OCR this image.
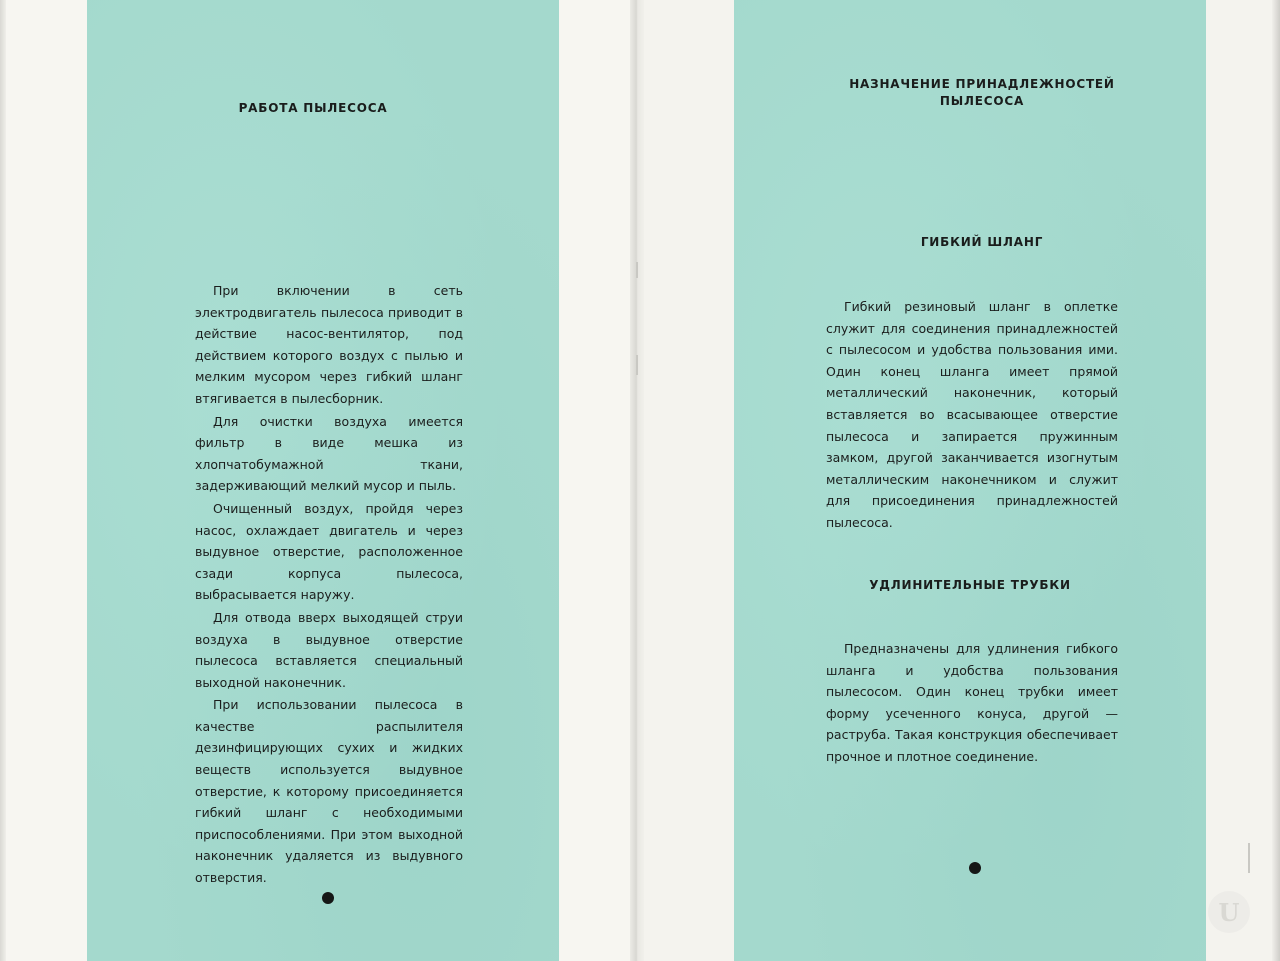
РАБОТА ПЫЛЕСОСА

При включении в сеть электродвигатель пылесоса приводит в действие насос-вентилятор, под действием которого воздух с пылью и мелким мусором через гибкий шланг втягивается в пылесборник.

Для очистки воздуха имеется фильтр в виде мешка из хлопчатобумажной ткани, задерживающий мелкий мусор и пыль.

Очищенный воздух, пройдя через насос, охлаждает двигатель и через выдувное отверстие, расположенное сзади корпуса пылесоса, выбрасывается наружу.

Для отвода вверх выходящей струи воздуха в выдувное отверстие пылесоса вставляется специальный выходной наконечник.

При использовании пылесоса в качестве распылителя дезинфицирующих сухих и жидких веществ используется выдувное отверстие, к которому присоединяется гибкий шланг с необходимыми приспособлениями. При этом выходной наконечник удаляется из выдувного отверстия.

НАЗНАЧЕНИЕ ПРИНАДЛЕЖНОСТЕЙ
ПЫЛЕСОСА
ГИБКИЙ ШЛАНГ

Гибкий резиновый шланг в оплетке служит для соединения принадлежностей с пылесосом и удобства пользования ими. Один конец шланга имеет прямой металлический наконечник, который вставляется во всасывающее отверстие пылесоса и запирается пружинным замком, другой заканчивается изогнутым металлическим наконечником и служит для присоединения принадлежностей пылесоса.

УДЛИНИТЕЛЬНЫЕ ТРУБКИ

Предназначены для удлинения гибкого шланга и удобства пользования пылесосом. Один конец трубки имеет форму усеченного конуса, другой — раструба. Такая конструкция обеспечивает прочное и плотное соединение.

U
